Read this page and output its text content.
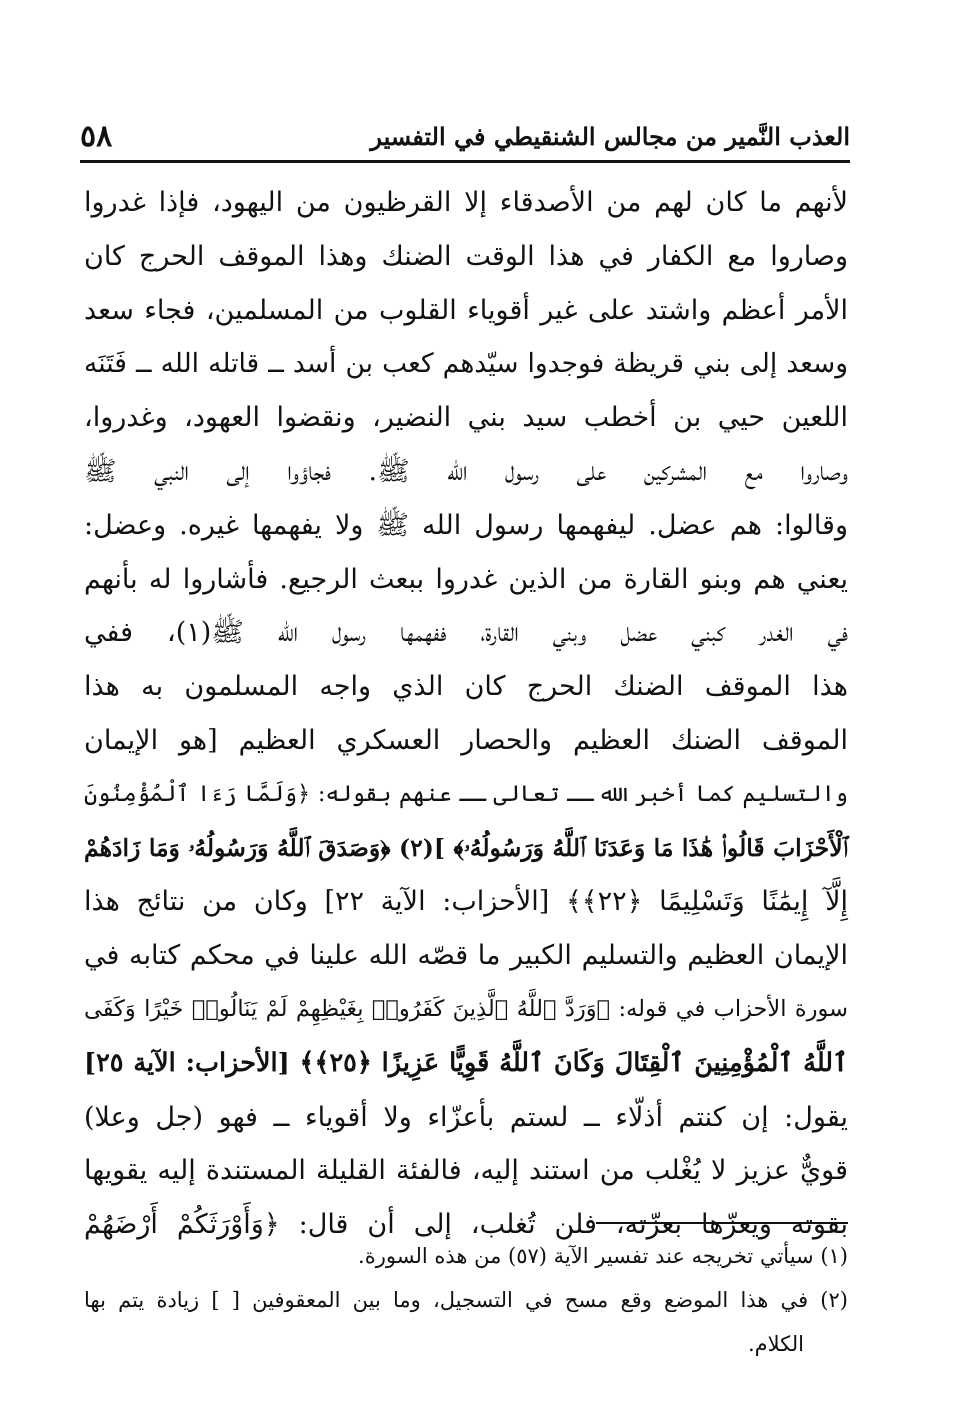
العذب النَّمير من مجالس الشنقيطي في التفسير
٥٨
لأنهم ما كان لهم من الأصدقاء إلا القرظيون من اليهود، فإذا غدروا
وصاروا مع الكفار في هذا الوقت الضنك وهذا الموقف الحرج كان
الأمر أعظم واشتد على غير أقوياء القلوب من المسلمين، فجاء سعد
وسعد إلى بني قريظة فوجدوا سيّدهم كعب بن أسد ــ قاتله الله ــ فَتَنَه
اللعين حيي بن أخطب سيد بني النضير، ونقضوا العهود، وغدروا،
وصاروا مع المشركين على رسول الله ﷺ. فجاؤوا إلى النبي ﷺ
وقالوا: هم عضل. ليفهمها رسول الله ﷺ ولا يفهمها غيره. وعضل:
يعني هم وبنو القارة من الذين غدروا ببعث الرجيع. فأشاروا له بأنهم
في الغدر كبني عضل وبني القارة، ففهمها رسول الله ﷺ(١)، ففي
هذا الموقف الضنك الحرج كان الذي واجه المسلمون به هذا
الموقف الضنك العظيم والحصار العسكري العظيم [هو الإيمان
والتسليم كما أخبر الله ــ تعالى ــ عنهم بقوله: ﴿وَلَمَّا رَءَا ٱلْمُؤْمِنُونَ
ٱلْأَحْزَابَ قَالُوا۟ هَٰذَا مَا وَعَدَنَا ٱللَّهُ وَرَسُولُهُۥ﴾ ](٢) ﴿وَصَدَقَ ٱللَّهُ وَرَسُولُهُۥ وَمَا زَادَهُمْ
إِلَّآ إِيمَٰنًا وَتَسْلِيمًا ﴿٢٢﴾﴾ [الأحزاب: الآية ٢٢] وكان من نتائج هذا
الإيمان العظيم والتسليم الكبير ما قصّه الله علينا في محكم كتابه في
سورة الأحزاب في قوله: ﴿وَرَدَّ ٱللَّهُ ٱلَّذِينَ كَفَرُوا۟ بِغَيْظِهِمْ لَمْ يَنَالُوا۟ خَيْرًا وَكَفَى
ٱللَّهُ ٱلْمُؤْمِنِينَ ٱلْقِتَالَ وَكَانَ ٱللَّهُ قَوِيًّا عَزِيزًا ﴿٢٥﴾﴾ [الأحزاب: الآية ٢٥]
يقول: إن كنتم أذلّاء ــ لستم بأعزّاء ولا أقوياء ــ فهو (جل وعلا)
قويٌّ عزيز لا يُغْلب من استند إليه، فالفئة القليلة المستندة إليه يقويها
بقوته ويعزّها بعزّته، فلن تُغلب، إلى أن قال: ﴿وَأَوْرَثَكُمْ أَرْضَهُمْ
(١) سيأتي تخريجه عند تفسير الآية (٥٧) من هذه السورة.
(٢) في هذا الموضع وقع مسح في التسجيل، وما بين المعقوفين [ ] زيادة يتم بها
الكلام.
